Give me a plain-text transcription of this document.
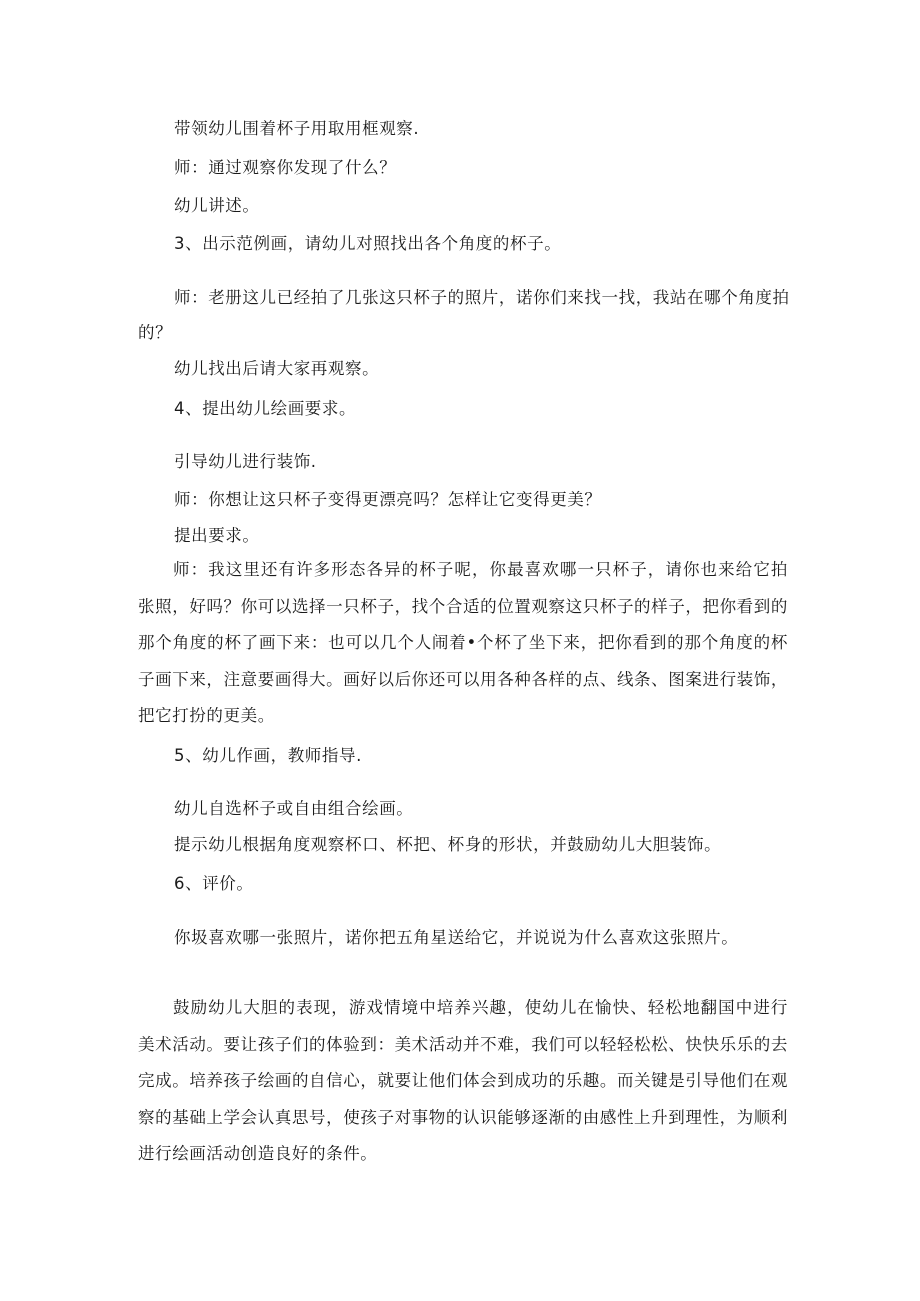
带领幼儿围着杯子用取用框观察.
师：通过观察你发现了什么？
幼儿讲述。
3、出示范例画，请幼儿对照找出各个角度的杯子。
师：老册这儿已经拍了几张这只杯子的照片，诺你们来找一找，我站在哪个角度拍
的？
幼儿找出后请大家再观察。
4、提出幼儿绘画要求。
引导幼儿进行装饰.
师：你想让这只杯子变得更漂亮吗？怎样让它变得更美？
提出要求。
师：我这里还有许多形态各异的杯子呢，你最喜欢哪一只杯子，请你也来给它拍张照，好吗？你可以选择一只杯子，找个合适的位置观察这只杯子的样子，把你看到的那个角度的杯了画下来：也可以几个人闹着•个杯了坐下来，把你看到的那个角度的杯子画下来，注意要画得大。画好以后你还可以用各种各样的点、线条、图案进行装饰，把它打扮的更美。
5、幼儿作画，教师指导.
幼儿自选杯子或自由组合绘画。
提示幼儿根据角度观察杯口、杯把、杯身的形状，并鼓励幼儿大胆装饰。
6、评价。
你圾喜欢哪一张照片，诺你把五角星送给它，并说说为什么喜欢这张照片。
鼓励幼儿大胆的表现，游戏情境中培养兴趣，使幼儿在愉快、轻松地翻国中进行美术活动。要让孩子们的体验到：美术活动并不难，我们可以轻轻松松、快快乐乐的去完成。培养孩子绘画的自信心，就要让他们体会到成功的乐趣。而关键是引导他们在观察的基础上学会认真思号，使孩子对事物的认识能够逐渐的由感性上升到理性，为顺利进行绘画活动创造良好的条件。
